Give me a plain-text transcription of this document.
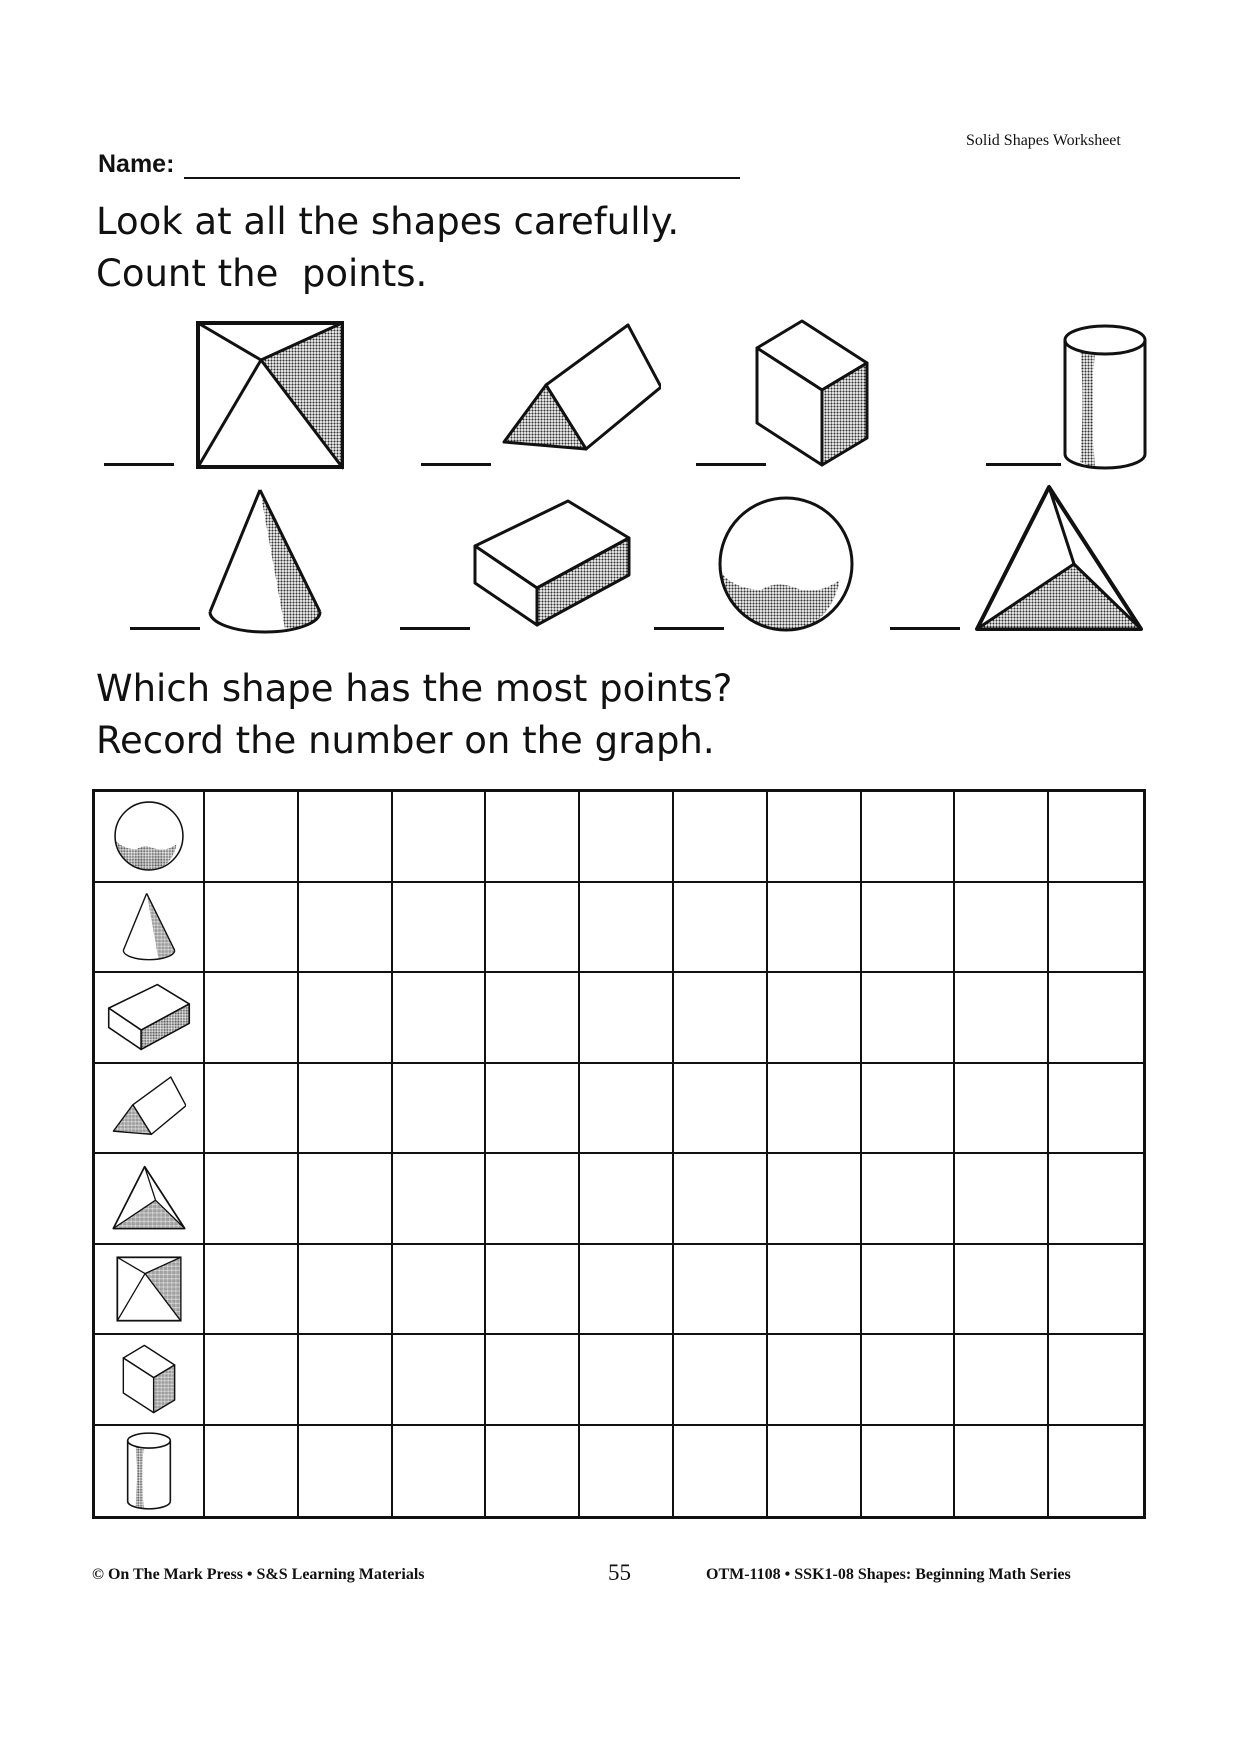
Solid Shapes Worksheet
Name:
Look at all the shapes carefully.
Count the  points.
Which shape has the most points?
Record the number on the graph.
© On The Mark Press • S&S Learning Materials	55	OTM-1108 • SSK1-08 Shapes: Beginning Math Series
